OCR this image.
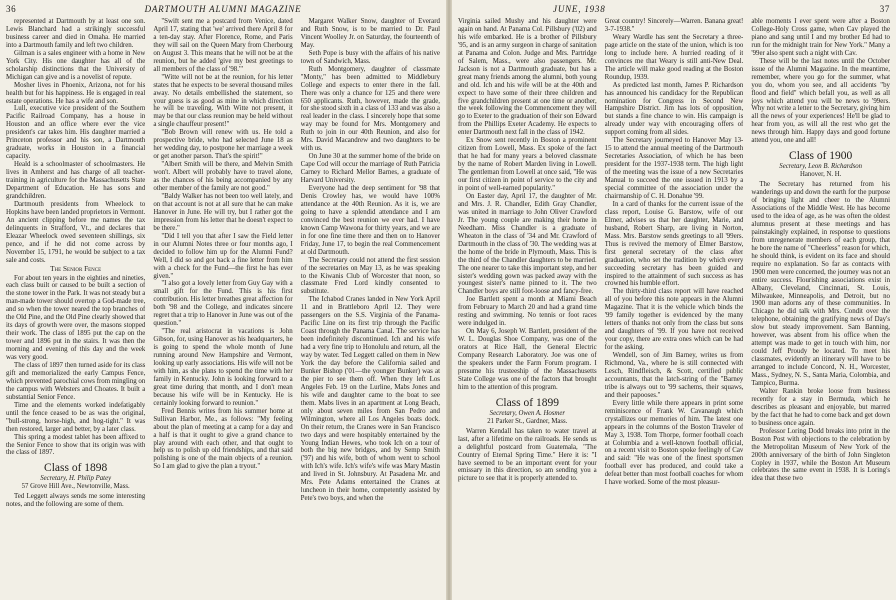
36	DARTMOUTH ALUMNI MAGAZINE

represented at Dartmouth by at least one son. Lewis Blanchard had a strikingly successful business career and died in Omaha. He married into a Dartmouth family and left two children.

Gilman is a sales engineer with a home in New York City. His one daughter has all of the scholarship distinctions that the University of Michigan can give and is a novelist of repute.

Mosher lives in Phoenix, Arizona, not for his health but for his happiness. He is engaged in real estate operations. He has a wife and son.

Lull, executive vice president of the Southern Pacific Railroad Company, has a house in Houston and an office where ever the vice president's car takes him. His daughter married a Princeton professor and his son, a Dartmouth graduate, works in Houston in a financial capacity.

Heald is a schoolmaster of schoolmasters. He lives in Amherst and has charge of all teacher-training in agriculture for the Massachusetts State Department of Education. He has sons and grandchildren.

Dartmouth presidents from Wheelock to Hopkins have been landed proprietors in Vermont. An ancient clipping before me names the tax delinquents in Strafford, Vt., and declares that Eleazar Wheelock owed seventeen shillings, six pence, and if he did not come across by November 15, 1791, he would be subject to a tax sale and costs.

The Senior Fence

For about ten years in the eighties and nineties, each class built or caused to be built a section of the stone tower in the Park. It was not steady but a man-made tower should overtop a God-made tree, and so when the tower neared the top branches of the Old Pine, and the Old Pine clearly showed that its days of growth were over, the masons stopped their work. The class of 1895 put the cap on the tower and 1896 put in the stairs. It was then the morning and evening of this day and the week was very good.

The class of 1897 then turned aside for its class gift and memorialized the early Campus Fence, which prevented parochial cows from mingling on the campus with Websters and Choates. It built a substantial Senior Fence.

Time and the elements worked indefatigably until the fence ceased to be as was the original, "bull-strong, horse-high, and hog-tight." It was then restored, larger and better, by a later class.

This spring a modest tablet has been affixed to the Senior Fence to show that its origin was with the class of 1897.

Class of 1898

Secretary, H. Philip Patey

57 Grove Hill Ave., Newtonville, Mass.

Ted Leggett always sends me some interesting notes, and the following are some of them.

"Swift sent me a postcard from Venice, dated April 17, stating that 'we' arrived there April 8 for a ten-day stay. After Florence, Rome, and Paris they will sail on the Queen Mary from Cherbourg on August 3. This means that he will not be at the reunion, but he added 'give my best greetings to all members of the class of '98.'"

"Witte will not be at the reunion, for his letter states that he expects to be several thousand miles away. No details embellished the statement, so your guess is as good as mine in which direction he will be traveling. With Witte not present, it may be that our class reunion may be held without a single chauffeur present!"

"Bob Brown will renew with us. He told a prospective bride, who had selected June 18 as her wedding day, to postpone her marriage a week or get another parson. That's the spirit!"

"Albert Smith will be there, and Melvin Smith won't. Albert will probably have to travel alone, as the chances of his being accompanied by any other member of the family are not good."

"Baldy Walker has not been too well lately, and on that account is not at all sure that he can make Hanover in June. He will try, but I rather got the impression from his letter that he doesn't expect to be there."

"Did I tell you that after I saw the Field letter in our Alumni Notes three or four months ago, I decided to follow him up for the Alumni Fund? Well, I did so and got back a fine letter from him with a check for the Fund—the first he has ever given."

"I also got a lovely letter from Guy Gay with a small gift for the Fund. This is his first contribution. His letter breathes great affection for both '98 and the College, and indicates sincere regret that a trip to Hanover in June was out of the question."

"The real aristocrat in vacations is John Gibson, for, using Hanover as his headquarters, he is going to spend the whole month of June running around New Hampshire and Vermont, looking up early associations. His wife will not be with him, as she plans to spend the time with her family in Kentucky. John is looking forward to a great time during that month, and I don't mean because his wife will be in Kentucky. He is certainly looking forward to reunion."

Fred Bennis writes from his summer home at Sullivan Harbor, Me., as follows: "My feeling about the plan of meeting at a camp for a day and a half is that it ought to give a grand chance to play around with each other, and that ought to help us to polish up old friendships, and that said polishing is one of the main objects of a reunion. So I am glad to give the plan a tryout."

Margaret Walker Snow, daughter of Everard and Ruth Snow, is to be married to Dr. Paul Vincent Woolley Jr. on Saturday, the fourteenth of May.

Seth Pope is busy with the affairs of his native town of Sandwich, Mass.

Ruth Montgomery, daughter of classmate "Monty," has been admitted to Middlebury College and expects to enter there in the fall. There was only a chance for 125 and there were 650 applicants. Ruth, however, made the grade, for she stood sixth in a class of 133 and was also a real leader in the class. I sincerely hope that some way may be found for Mrs. Montgomery and Ruth to join in our 40th Reunion, and also for Mrs. David Macandrew and two daughters to be with us.

On June 30 at the summer home of the bride on Cape Cod will occur the marriage of Ruth Patricia Carney to Richard Mellor Barnes, a graduate of Harvard University.

Everyone had the deep sentiment for '98 that Denis Crowley has, we would have 100% attendance at the 40th Reunion. As it is, we are going to have a splendid attendance and I am convinced the best reunion we ever had. I have known Camp Wawona for thirty years, and we are in for one fine time there and then on to Hanover Friday, June 17, to begin the real Commencement at old Dartmouth.

The Secretary could not attend the first session of the secretaries on May 13, as he was speaking to the Kiwanis Club of Worcester that noon, so classmate Fred Lord kindly consented to substitute.

The Ichabod Cranes landed in New York April 11 and in Brattleboro April 12. They were passengers on the S.S. Virginia of the Panama-Pacific Line on its first trip through the Pacific Coast through the Panama Canal. The service has been indefinitely discontinued. Ich and his wife had a very fine trip to Honolulu and return, all the way by water. Ted Leggett called on them in New York the day before the California sailed and Bunker Bishop ('01—the younger Bunker) was at the pier to see them off. When they left Los Angeles Feb. 19 on the Lurline, Mabs Jones and his wife and daughter came to the boat to see them. Mabs lives in an apartment at Long Beach, only about seven miles from San Pedro and Wilmington, where all Los Angeles boats dock. On their return, the Cranes were in San Francisco two days and were hospitably entertained by the Young Indian Hewes, who took Ich on a tour of both the big new bridges, and by Semp Smith ('97) and his wife, both of whom went to school with Ich's wife. Ich's wife's wife was Mary Mastin and lived in St. Johnsbury. At Pasadena Mr. and Mrs. Pete Adams entertained the Cranes at luncheon in their home, competently assisted by Pete's two boys, and when the

JUNE, 1938	37

Virginia sailed Mushy and his daughter were again on hand. At Panama Col. Pillsbury ('02) and his wife embarked. He is a brother of Pillsbury '95, and is an army surgeon in charge of sanitation at Panama and Colon. Judge and Mrs. Partridge of Salem, Mass., were also passengers. Mr. Jackson is not a Dartmouth graduate, but has a great many friends among the alumni, both young and old. Ich and his wife will be at the 40th and expect to have some of their three children and five grandchildren present at one time or another, the week following the Commencement they will go to Exeter to the graduation of their son Edward from the Phillips Exeter Academy. He expects to enter Dartmouth next fall in the class of 1942.

Ex Snow sent recently in Boston a prominent citizen from Lowell, Mass. Ex spoke of the fact that he had for many years a beloved classmate by the name of Robert Marden living in Lowell. The gentleman from Lowell at once said, "He was our first citizen in point of service to the city and in point of well-earned popularity."

On Easter day, April 17, the daughter of Mr. and Mrs. J. R. Chandler, Edith Gray Chandler, was united in marriage to John Oliver Crawford Jr. The young couple are making their home in Needham. Miss Chandler is a graduate of Wheaton in the class of '34 and Mr. Crawford of Dartmouth in the class of '30. The wedding was at the home of the bride in Plymouth, Mass. This is the third of the Chandler daughters to be married. The one nearer to take this important step, and her sister's wedding gown was packed away with the youngest sister's name pinned to it. The two Chandler boys are still foot-loose and fancy-free.

Joe Bartlett spent a month at Miami Beach from February to March 20 and had a grand time resting and swimming. No tennis or foot races were indulged in.

On May 6, Joseph W. Bartlett, president of the W. L. Douglas Shoe Company, was one of the orators at Rice Hall, the General Electric Company Research Laboratory. Joe was one of the speakers under the Farm Forum program. I presume his trusteeship of the Massachusetts State College was one of the factors that brought him to the attention of this program.

Class of 1899

Secretary, Owen A. Hosmer

21 Parker St., Gardner, Mass.

Warren Kendall has taken to water travel at last, after a lifetime on the railroads. He sends us a delightful postcard from Guatemala, "The Country of Eternal Spring Time." Here it is: "I have seemed to be an important event for your emissary in this direction, so am sending you a picture to see that it is properly attended to.

Great country! Sincerely—Warren. Banana great! 3-7-1938."

Weary Wardle has sent the Secretary a three-page article on the state of the union, which is too long to include here. A hurried reading of it convinces me that Weary is still anti-New Deal. The article will make good reading at the Boston Roundup, 1939.

As predicted last month, James P. Richardson has announced his candidacy for the Republican nomination for Congress in Second New Hampshire District. Jim has lots of opposition, but stands a fine chance to win. His campaign is already under way with encouraging offers of support coming from all sides.

The Secretary journeyed to Hanover May 13-15 to attend the annual meeting of the Dartmouth Secretaries Association, of which he has been president for the 1937-1938 term. The high light of the meeting was the issue of a new Secretaries Manual to succeed the one issued in 1913 by a special committee of the association under the chairmanship of C. H. Donahue '99.

In a card of thanks for the current issue of the class report, Louise G. Barstow, wife of our Elmer, advises us that her daughter, Marie, and husband, Robert Sharp, are living in Norton, Mass. Mrs. Barstow sends greetings to all '99ers. Thus is revived the memory of Elmer Barstow, first general secretary of the class after graduation, who set the tradition by which every succeeding secretary has been guided and inspired to the attainment of such success as has crowned his humble effort.

The thirty-third class report will have reached all of you before this note appears in the Alumni Magazine. That it is the vehicle which binds the '99 family together is evidenced by the many letters of thanks not only from the class but sons and daughters of '99. If you have not received your copy, there are extra ones which can be had for the asking.

Wendell, son of Jim Barney, writes us from Richmond, Va., where he is still connected with Lesch, Rindfleisch, & Scott, certified public accountants, that the latch-string of the "Barney tribe is always out to '99 sachems, their squaws, and their papooses."

Every little while there appears in print some reminiscence of Frank W. Cavanaugh which crystallizes our memories of him. The latest one appears in the columns of the Boston Traveler of May 3, 1938. Tom Thorpe, former football coach at Columbia and a well-known football official, on a recent visit to Boston spoke feelingly of Cav and said: "He was one of the finest sportsmen football ever has produced, and could take a defeat better than most football coaches for whom I have worked. Some of the most pleasur-

able moments I ever spent were after a Boston College-Holy Cross game, when Cav played the piano and sang until I and my brother Ed had to run for the midnight train for New York." Many a '99er also spent such a night with Cav.

These will be the last notes until the October issue of the Alumni Magazine. In the meantime, remember, where you go for the summer, what you do, whom you see, and all accidents "by flood and field" which befall you, as well as all joys which attend you will be news to '99ers. Why not write a letter to the Secretary, giving him all the news of your experiences! He'll be glad to hear from you, as will all the rest who get the news through him. Happy days and good fortune attend you, one and all!

Class of 1900

Secretary, Leon B. Richardson

Hanover, N. H.

The Secretary has returned from his wanderings up and down the earth for the purpose of bringing light and cheer to the Alumni Associations of the Middle West. He has become used to the idea of age, as he was often the oldest alumnus present at these meetings and has painstakingly explained, in response to questions from unregenerate members of each group, that he bore the name of "Cheerless" reason for which, he should think, is evident on its face and should require no explanation. So far as contacts with 1900 men were concerned, the journey was not an entire success. Flourishing associations exist in Albany, Cleveland, Cincinnati, St. Louis, Milwaukee, Minneapolis, and Detroit, but no 1900 man adorns any of these communities. In Chicago he did talk with Mrs. Condit over the telephone, obtaining the gratifying news of Day's slow but steady improvement. Sam Banning, however, was absent from his office when the attempt was made to get in touch with him, nor could Jeff Proudy be located. To meet his classmates, evidently an itinerary will have to be arranged to include Concord, N. H., Worcester, Mass., Sydney, N. S., Santa Maria, Colombia, and Tampico, Burma.

Walter Rankin broke loose from business recently for a stay in Bermuda, which he describes as pleasant and enjoyable, but marred by the fact that he had to come back and get down to business once again.

Professor Loring Dodd breaks into print in the Boston Post with objections to the celebration by the Metropolitan Museum of New York of the 200th anniversary of the birth of John Singleton Copley in 1937, while the Boston Art Museum celebrates the same event in 1938. It is Loring's idea that these two
